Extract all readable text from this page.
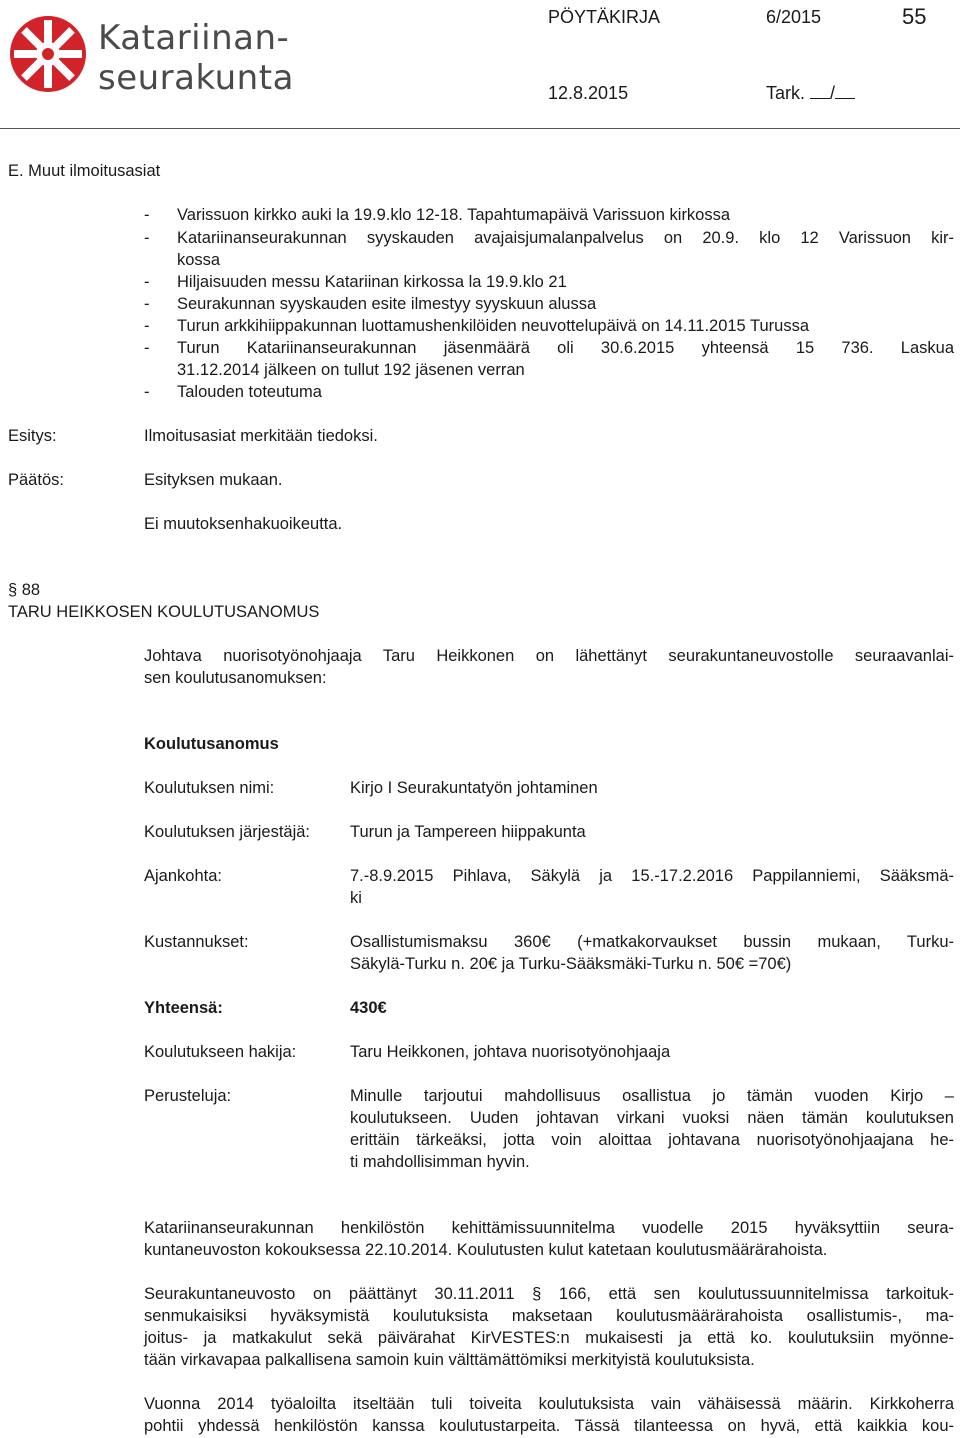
Katariinan-
seurakunta
PÖYTÄKIRJA	6/2015	55
12.8.2015	Tark. /
E. Muut ilmoitusasiat
- Varissuon kirkko auki la 19.9.klo 12-18. Tapahtumapäivä Varissuon kirkossa
- Katariinanseurakunnan syyskauden avajaisjumalanpalvelus on 20.9. klo 12 Varissuon kir-
kossa
- Hiljaisuuden messu Katariinan kirkossa la 19.9.klo 21
- Seurakunnan syyskauden esite ilmestyy syyskuun alussa
- Turun arkkihiippakunnan luottamushenkilöiden neuvottelupäivä on 14.11.2015 Turussa
- Turun Katariinanseurakunnan jäsenmäärä oli 30.6.2015 yhteensä 15 736. Laskua
31.12.2014 jälkeen on tullut 192 jäsenen verran
- Talouden toteutuma
Esitys:	Ilmoitusasiat merkitään tiedoksi.
Päätös:	Esityksen mukaan.
Ei muutoksenhakuoikeutta.
§ 88
TARU HEIKKOSEN KOULUTUSANOMUS
Johtava nuorisotyönohjaaja Taru Heikkonen on lähettänyt seurakuntaneuvostolle seuraavanlai-
sen koulutusanomuksen:
Koulutusanomus
Koulutuksen nimi:	Kirjo I Seurakuntatyön johtaminen
Koulutuksen järjestäjä: Turun ja Tampereen hiippakunta
Ajankohta:	7.-8.9.2015 Pihlava, Säkylä ja 15.-17.2.2016 Pappilanniemi, Sääksmä-
ki
Kustannukset:	Osallistumismaksu 360€ (+matkakorvaukset bussin mukaan, Turku-
Säkylä-Turku n. 20€ ja Turku-Sääksmäki-Turku n. 50€ =70€)
Yhteensä:	430€
Koulutukseen hakija:	Taru Heikkonen, johtava nuorisotyönohjaaja
Perusteluja:	Minulle tarjoutui mahdollisuus osallistua jo tämän vuoden Kirjo –
koulutukseen. Uuden johtavan virkani vuoksi näen tämän koulutuksen
erittäin tärkeäksi, jotta voin aloittaa johtavana nuorisotyönohjaajana he-
ti mahdollisimman hyvin.
Katariinanseurakunnan henkilöstön kehittämissuunnitelma vuodelle 2015 hyväksyttiin seura-
kuntaneuvoston kokouksessa 22.10.2014. Koulutusten kulut katetaan koulutusmäärärahoista.
Seurakuntaneuvosto on päättänyt 30.11.2011 § 166, että sen koulutussuunnitelmissa tarkoituk-
senmukaisiksi hyväksymistä koulutuksista maksetaan koulutusmäärärahoista osallistumis-, ma-
joitus- ja matkakulut sekä päivärahat KirVESTES:n mukaisesti ja että ko. koulutuksiin myönne-
tään virkavapaa palkallisena samoin kuin välttämättömiksi merkityistä koulutuksista.
Vuonna 2014 työaloilta itseltään tuli toiveita koulutuksista vain vähäisessä määrin. Kirkkoherra
pohtii yhdessä henkilöstön kanssa koulutustarpeita. Tässä tilanteessa on hyvä, että kaikkia kou-
